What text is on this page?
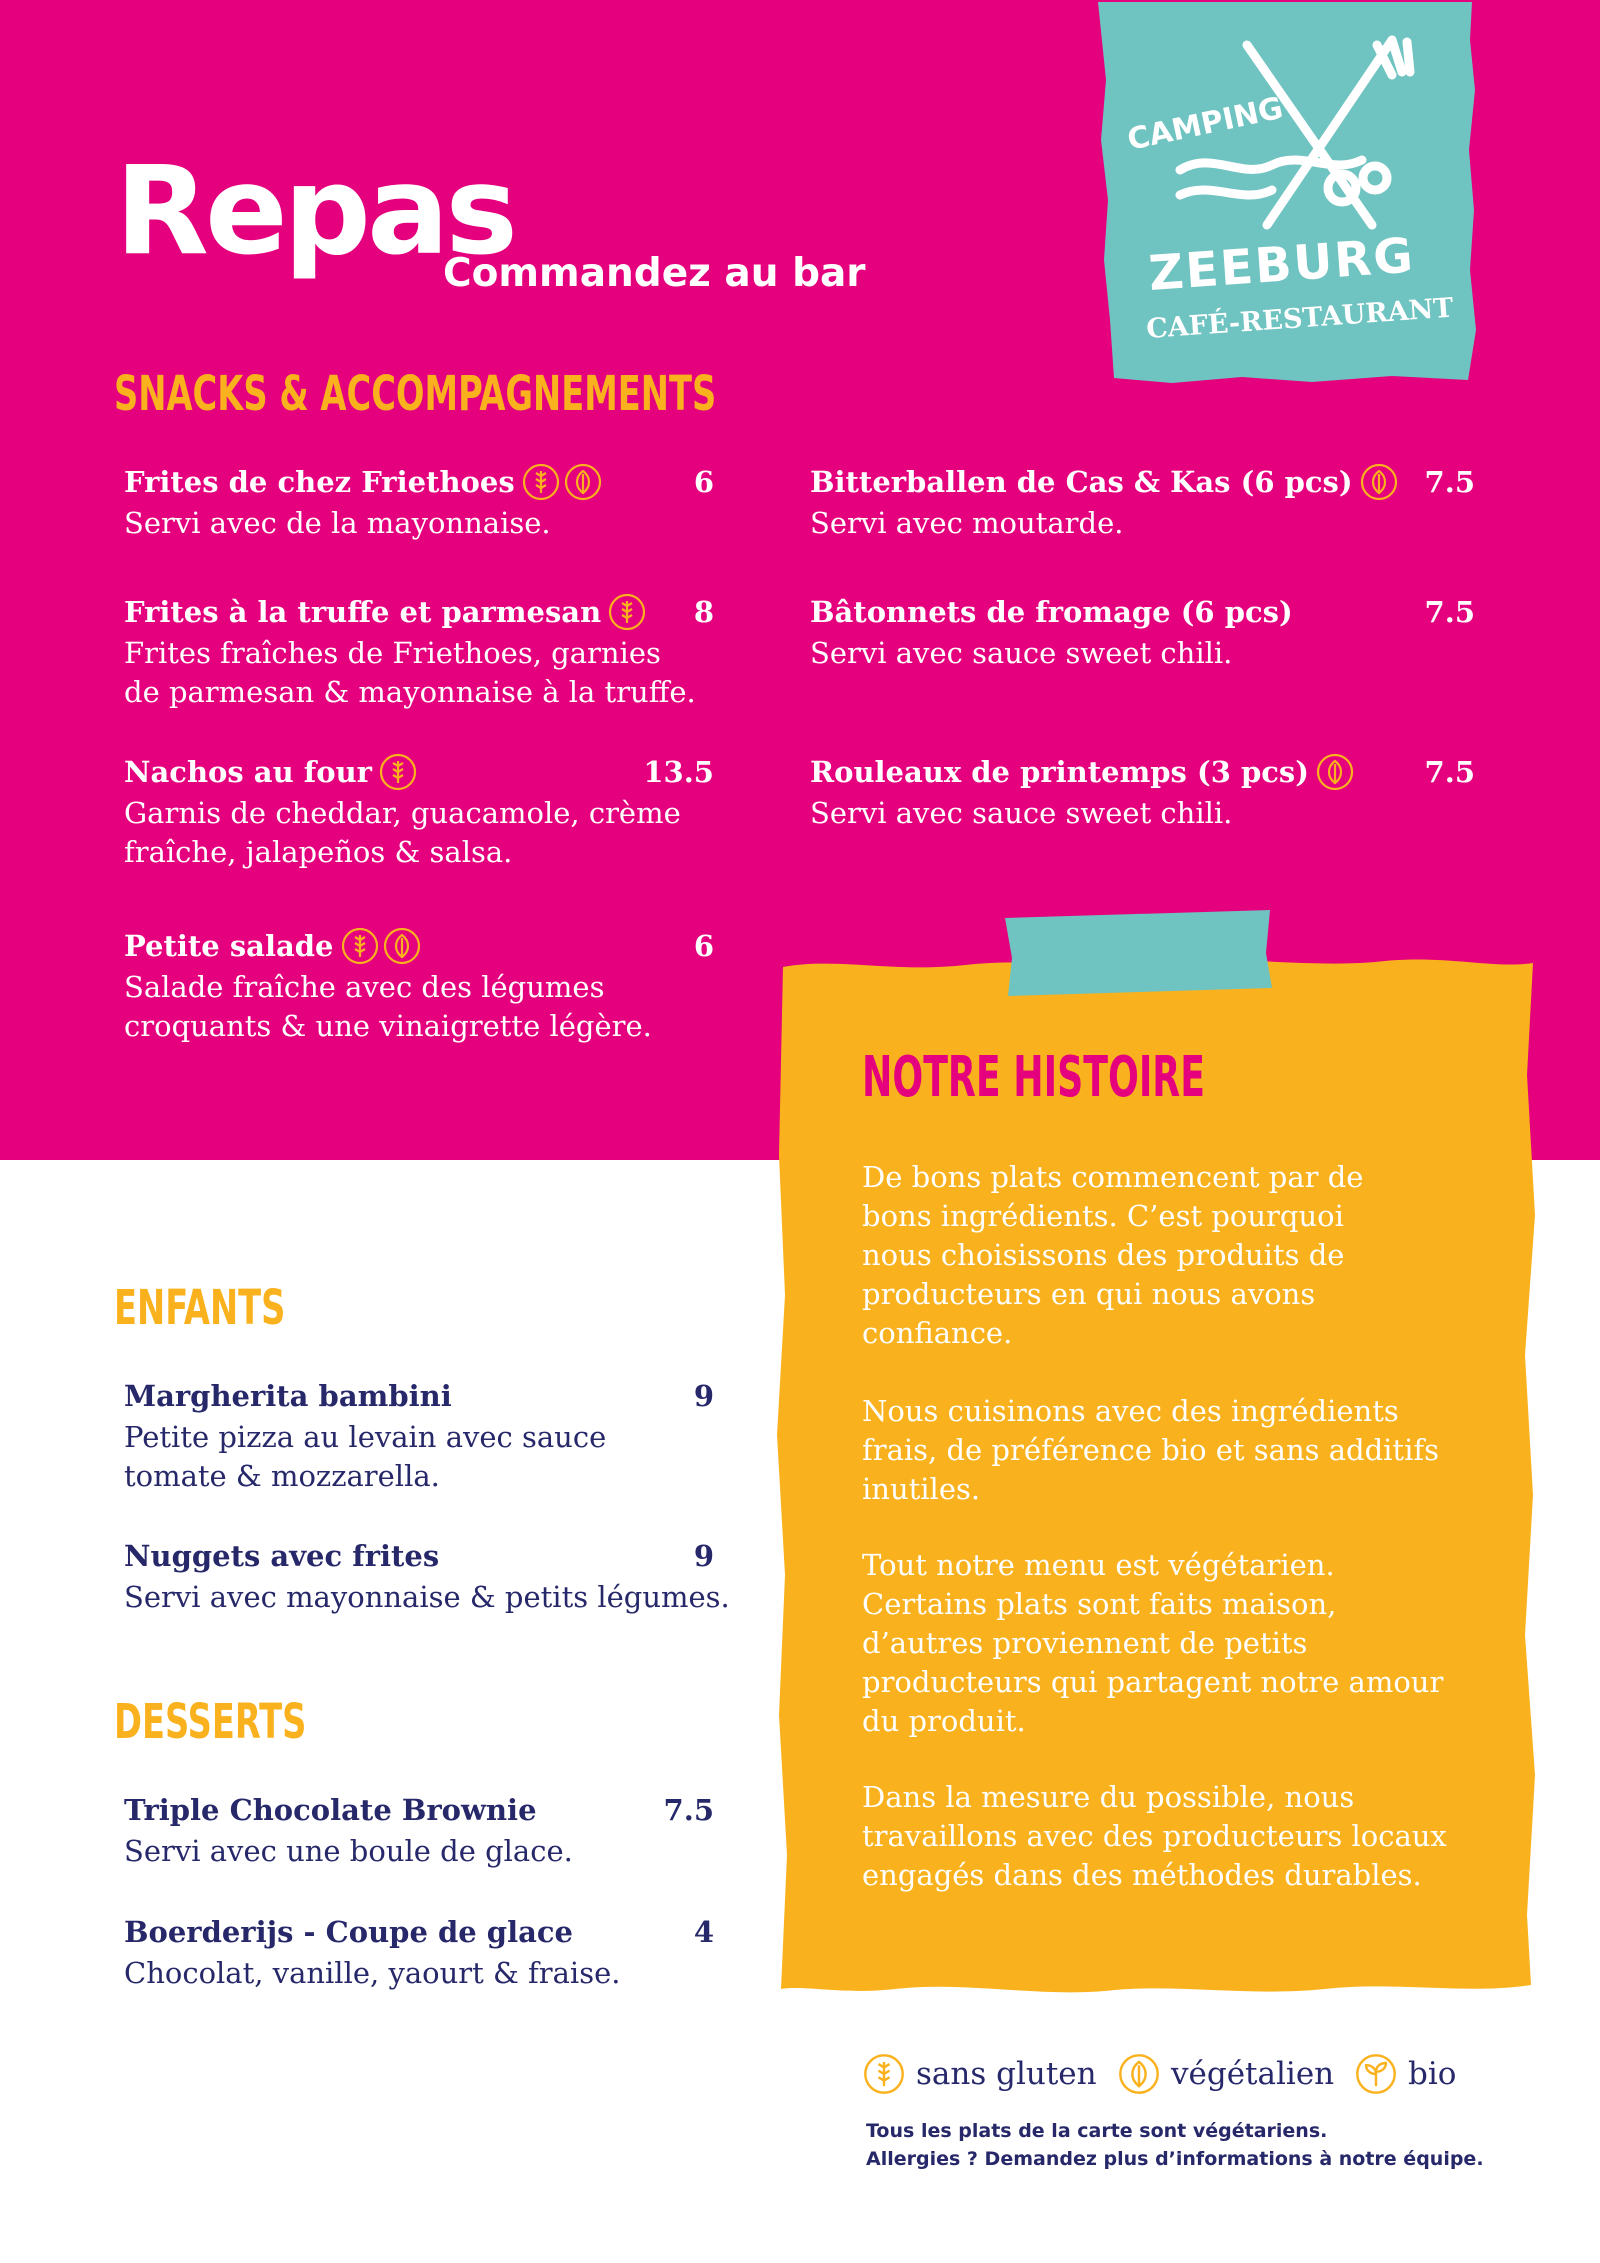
CAMPING
ZEEBURG
CAFÉ-RESTAURANT
Repas
Commandez au bar
SNACKS & ACCOMPAGNEMENTS
Frites de chez Friethoes	6
Servi avec de la mayonnaise.
Frites à la truffe et parmesan	8
Frites fraîches de Friethoes, garnies
de parmesan & mayonnaise à la truffe.
Nachos au four	13.5
Garnis de cheddar, guacamole, crème
fraîche, jalapeños & salsa.
Petite salade	6
Salade fraîche avec des légumes
croquants & une vinaigrette légère.
Bitterballen de Cas & Kas (6 pcs) 7.5
Servi avec moutarde.
Bâtonnets de fromage (6 pcs)	7.5
Servi avec sauce sweet chili.
Rouleaux de printemps (3 pcs)	7.5
Servi avec sauce sweet chili.
ENFANTS
Margherita bambini	9
Petite pizza au levain avec sauce
tomate & mozzarella.
Nuggets avec frites	9
Servi avec mayonnaise & petits légumes.
DESSERTS
Triple Chocolate Brownie	7.5
Servi avec une boule de glace.
Boerderijs - Coupe de glace	4
Chocolat, vanille, yaourt & fraise.
NOTRE HISTOIRE
De bons plats commencent par de
bons ingrédients. C’est pourquoi
nous choisissons des produits de
producteurs en qui nous avons
confiance.
Nous cuisinons avec des ingrédients
frais, de préférence bio et sans additifs
inutiles.
Tout notre menu est végétarien.
Certains plats sont faits maison,
d’autres proviennent de petits
producteurs qui partagent notre amour
du produit.
Dans la mesure du possible, nous
travaillons avec des producteurs locaux
engagés dans des méthodes durables.
sans gluten végétalien bio
Tous les plats de la carte sont végétariens.
Allergies ? Demandez plus d’informations à notre équipe.
